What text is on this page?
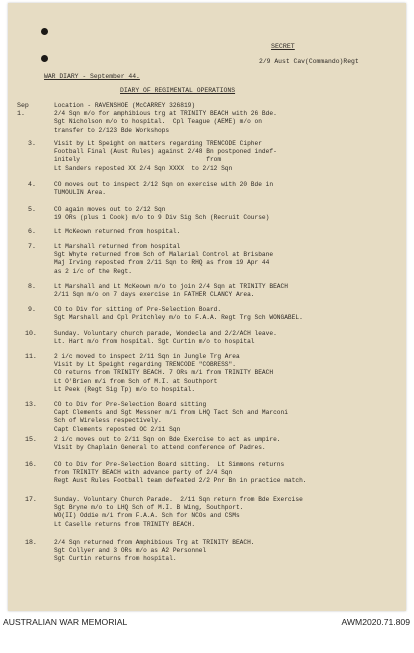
SECRET
2/9 Aust Cav(Commando)Regt
WAR DIARY - September 44.
DIARY OF REGIMENTAL OPERATIONS
Sep 1.
Location - RAVENSHOE (McCARREY 326819)
2/4 Sqn m/o for amphibious trg at TRINITY BEACH with 26 Bde.
Sgt Nicholson m/o to hospital.  Cpl Teague (AEME) m/o on
transfer to 2/123 Bde Workshops
3.	Visit by Lt Speight on matters regarding TRENCODE Cipher
Football Final (Aust Rules) against 2/48 Bn postponed indef-
initely                                  from
Lt Sanders reposted XX 2/4 Sqn XXXX  to 2/12 Sqn
4.	CO moves out to inspect 2/12 Sqn on exercise with 20 Bde in
TUMOULIN Area.
5.	CO again moves out to 2/12 Sqn
19 ORs (plus 1 Cook) m/o to 9 Div Sig Sch (Recruit Course)
6.	Lt McKeown returned from hospital.
7.	Lt Marshall returned from hospital
Sgt Whyte returned from Sch of Malarial Control at Brisbane
Maj Irving reposted from 2/11 Sqn to RHQ as from 19 Apr 44
as 2 i/c of the Regt.
8.	Lt Marshall and Lt McKeown m/o to join 2/4 Sqn at TRINITY BEACH
2/11 Sqn m/o on 7 days exercise in FATHER CLANCY Area.
9.	CO to Div for sitting of Pre-Selection Board.
Sgt Marshall and Cpl Pritchley m/o to F.A.A. Regt Trg Sch WONGABEL.
10.	Sunday. Voluntary church parade, Wondecla and 2/2/ACH leave.
Lt. Hart m/o from hospital. Sgt Curtin m/o to hospital
11.	2 i/c moved to inspect 2/11 Sqn in Jungle Trg Area
Visit by Lt Speight regarding TRENCODE "COBRESS".
CO returns from TRINITY BEACH. 7 ORs m/i from TRINITY BEACH
Lt O'Brien m/i from Sch of M.I. at Southport
Lt Peek (Regt Sig Tp) m/o to hospital.
13.	CO to Div for Pre-Selection Board sitting
Capt Clements and Sgt Messner m/i from LHQ Tact Sch and Marconi
Sch of Wireless respectively.
Capt Clements reposted OC 2/11 Sqn
15.	2 i/c moves out to 2/11 Sqn on Bde Exercise to act as umpire.
Visit by Chaplain General to attend conference of Padres.
16.	CO to Div for Pre-Selection Board sitting.  Lt Simmons returns
from TRINITY BEACH with advance party of 2/4 Sqn
Regt Aust Rules Football team defeated 2/2 Pnr Bn in practice match.
17.	Sunday. Voluntary Church Parade.  2/11 Sqn return from Bde Exercise
Sgt Bryne m/o to LHQ Sch of M.I. B Wing, Southport.
WO(II) Oddie m/i from F.A.A. Sch for NCOs and CSMs
Lt Caselle returns from TRINITY BEACH.
18.	2/4 Sqn returned from Amphibious Trg at TRINITY BEACH.
Sgt Collyer and 3 ORs m/o as A2 Personnel
Sgt Curtin returns from hospital.
AUSTRALIAN WAR MEMORIAL	AWM2020.71.809
